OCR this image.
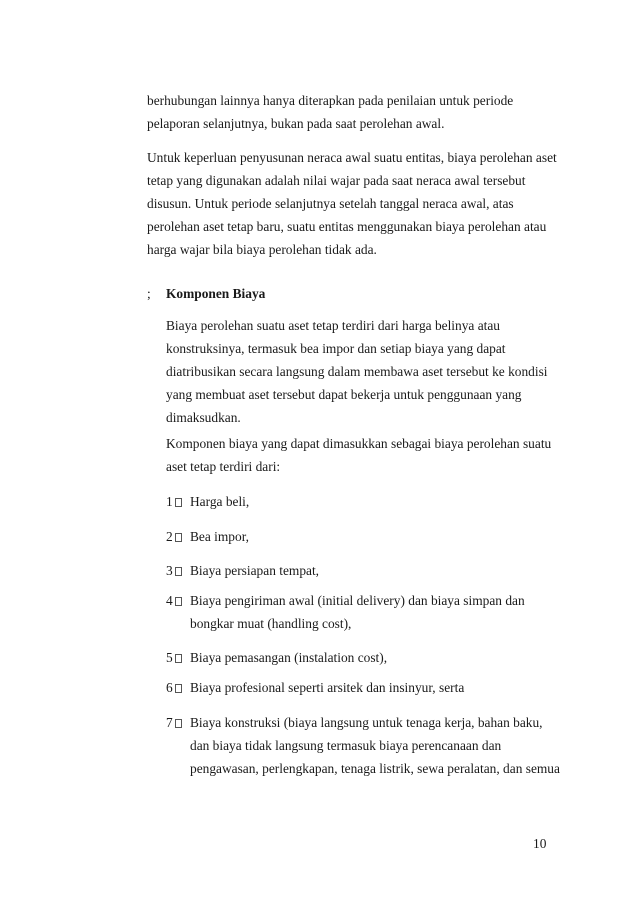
berhubungan lainnya hanya diterapkan pada penilaian untuk periode
pelaporan selanjutnya, bukan pada saat perolehan awal.
Untuk keperluan penyusunan neraca awal suatu entitas, biaya perolehan aset
tetap yang digunakan adalah nilai wajar pada saat neraca awal tersebut
disusun. Untuk periode selanjutnya setelah tanggal neraca awal, atas
perolehan aset tetap baru, suatu entitas menggunakan biaya perolehan atau
harga wajar bila biaya perolehan tidak ada.
; Komponen Biaya
Biaya perolehan suatu aset tetap terdiri dari harga belinya atau
konstruksinya, termasuk bea impor dan setiap biaya yang dapat
diatribusikan secara langsung dalam membawa aset tersebut ke kondisi
yang membuat aset tersebut dapat bekerja untuk penggunaan yang
dimaksudkan.
Komponen biaya yang dapat dimasukkan sebagai biaya perolehan suatu
aset tetap terdiri dari:
1	Harga beli,
2	Bea impor,
3	Biaya persiapan tempat,
4	Biaya pengiriman awal (initial delivery) dan biaya simpan dan
bongkar muat (handling cost),
5	Biaya pemasangan (instalation cost),
6	Biaya profesional seperti arsitek dan insinyur, serta
7	Biaya konstruksi (biaya langsung untuk tenaga kerja, bahan baku,
dan biaya tidak langsung termasuk biaya perencanaan dan
pengawasan, perlengkapan, tenaga listrik, sewa peralatan, dan semua
10
